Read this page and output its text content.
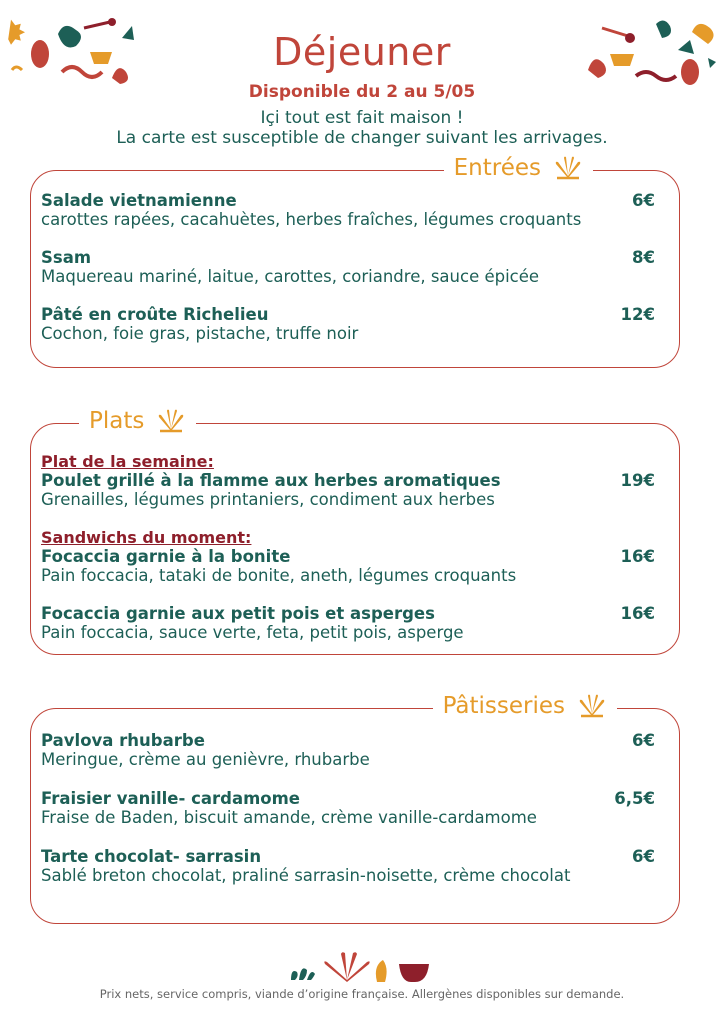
Déjeuner
Disponible du 2 au 5/05
Içi tout est fait maison !
La carte est susceptible de changer suivant les arrivages.
Entrées
Salade vietnamienne	6€
carottes rapées, cacahuètes, herbes fraîches, légumes croquants
Ssam	8€
Maquereau mariné, laitue, carottes, coriandre, sauce épicée
Pâté en croûte Richelieu	12€
Cochon, foie gras, pistache, truffe noir
Plats
Plat de la semaine:
Poulet grillé à la flamme aux herbes aromatiques	19€
Grenailles, légumes printaniers, condiment aux herbes
Sandwichs du moment:
Focaccia garnie à la bonite	16€
Pain foccacia, tataki de bonite, aneth, légumes croquants
Focaccia garnie aux petit pois et asperges	16€
Pain foccacia, sauce verte, feta, petit pois, asperge
Pâtisseries
Pavlova rhubarbe	6€
Meringue, crème au genièvre, rhubarbe
Fraisier vanille- cardamome	6,5€
Fraise de Baden, biscuit amande, crème vanille-cardamome
Tarte chocolat- sarrasin	6€
Sablé breton chocolat, praliné sarrasin-noisette, crème chocolat
Prix nets, service compris, viande d’origine française. Allergènes disponibles sur demande.
